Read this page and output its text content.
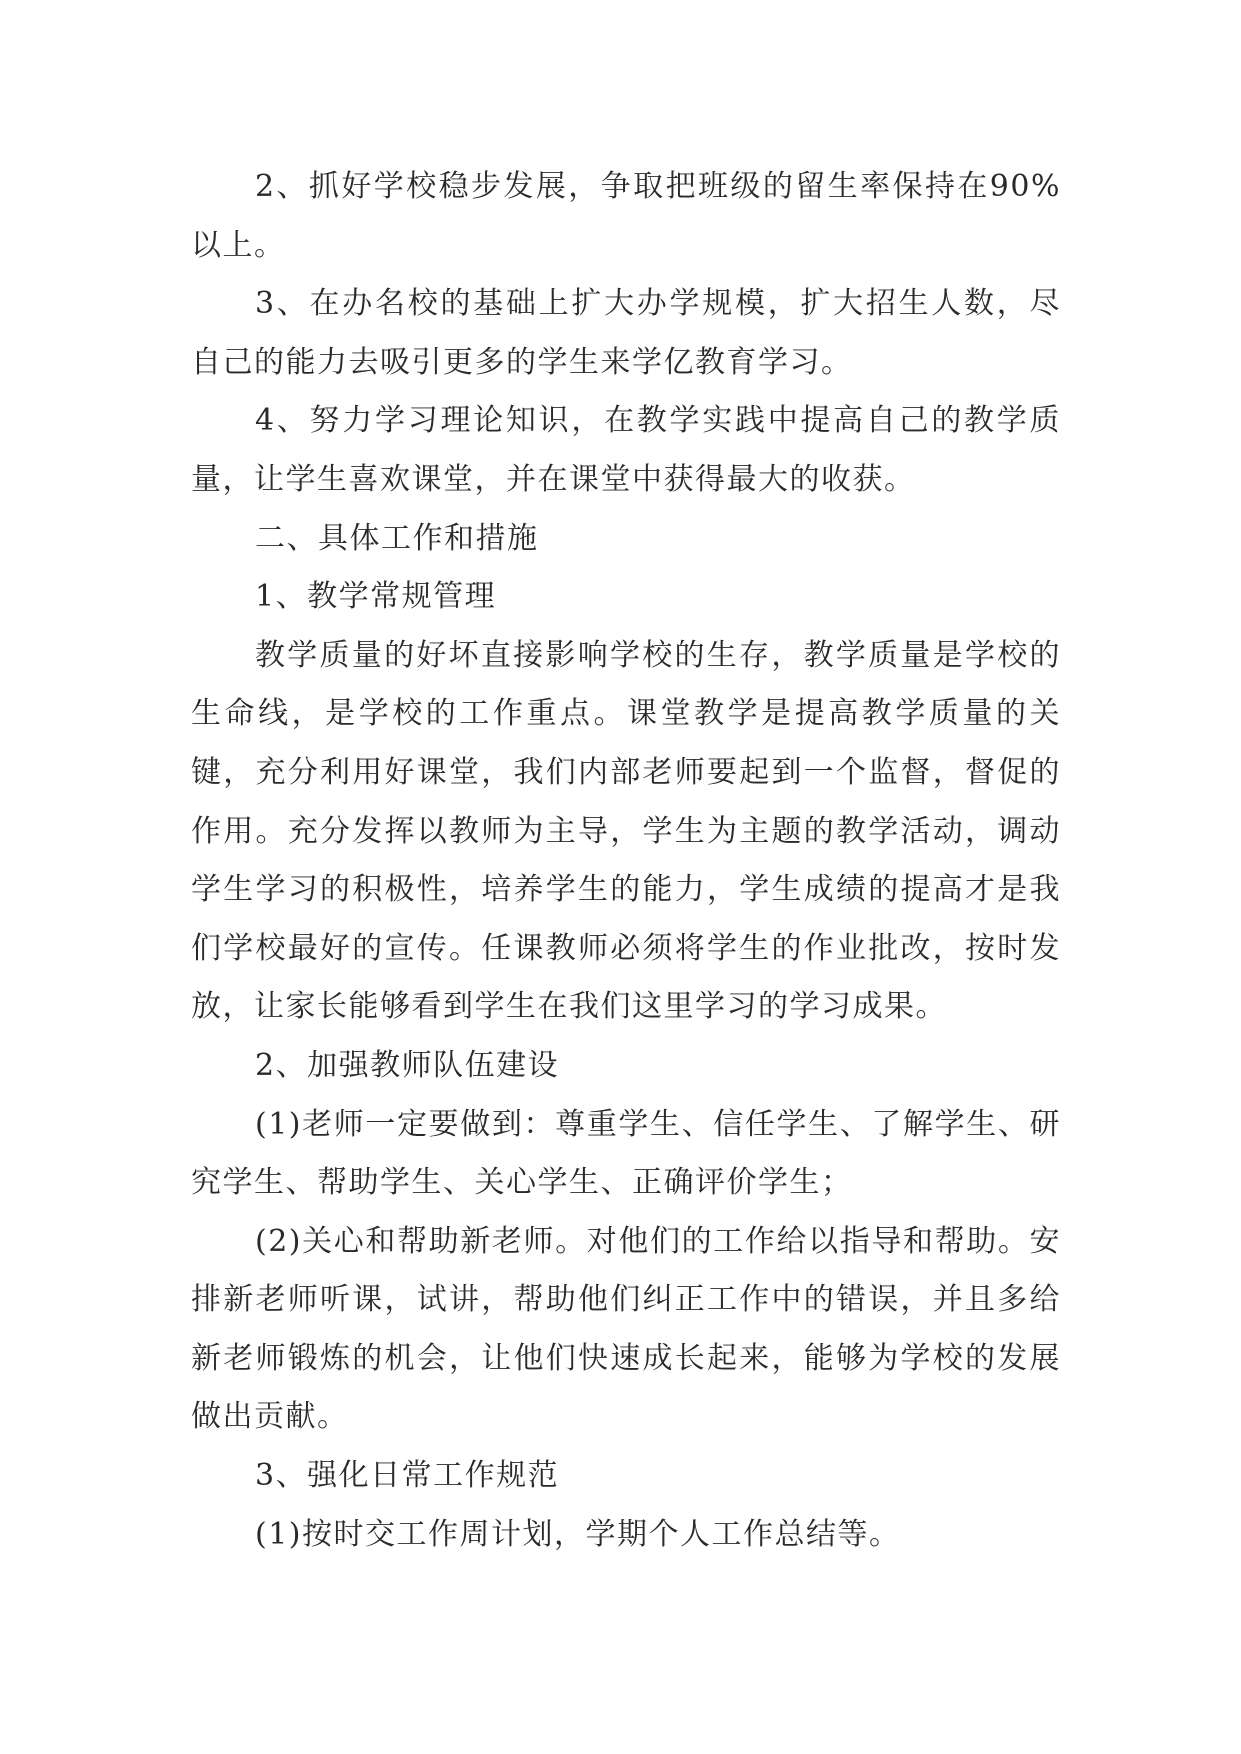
2、抓好学校稳步发展，争取把班级的留生率保持在90%以上。

3、在办名校的基础上扩大办学规模，扩大招生人数，尽自己的能力去吸引更多的学生来学亿教育学习。

4、努力学习理论知识，在教学实践中提高自己的教学质量，让学生喜欢课堂，并在课堂中获得最大的收获。

二、具体工作和措施

1、教学常规管理

教学质量的好坏直接影响学校的生存，教学质量是学校的生命线，是学校的工作重点。课堂教学是提高教学质量的关键，充分利用好课堂，我们内部老师要起到一个监督，督促的作用。充分发挥以教师为主导，学生为主题的教学活动，调动学生学习的积极性，培养学生的能力，学生成绩的提高才是我们学校最好的宣传。任课教师必须将学生的作业批改，按时发放，让家长能够看到学生在我们这里学习的学习成果。

2、加强教师队伍建设

(1)老师一定要做到：尊重学生、信任学生、了解学生、研究学生、帮助学生、关心学生、正确评价学生；

(2)关心和帮助新老师。对他们的工作给以指导和帮助。安排新老师听课，试讲，帮助他们纠正工作中的错误，并且多给新老师锻炼的机会，让他们快速成长起来，能够为学校的发展做出贡献。

3、强化日常工作规范

(1)按时交工作周计划，学期个人工作总结等。
